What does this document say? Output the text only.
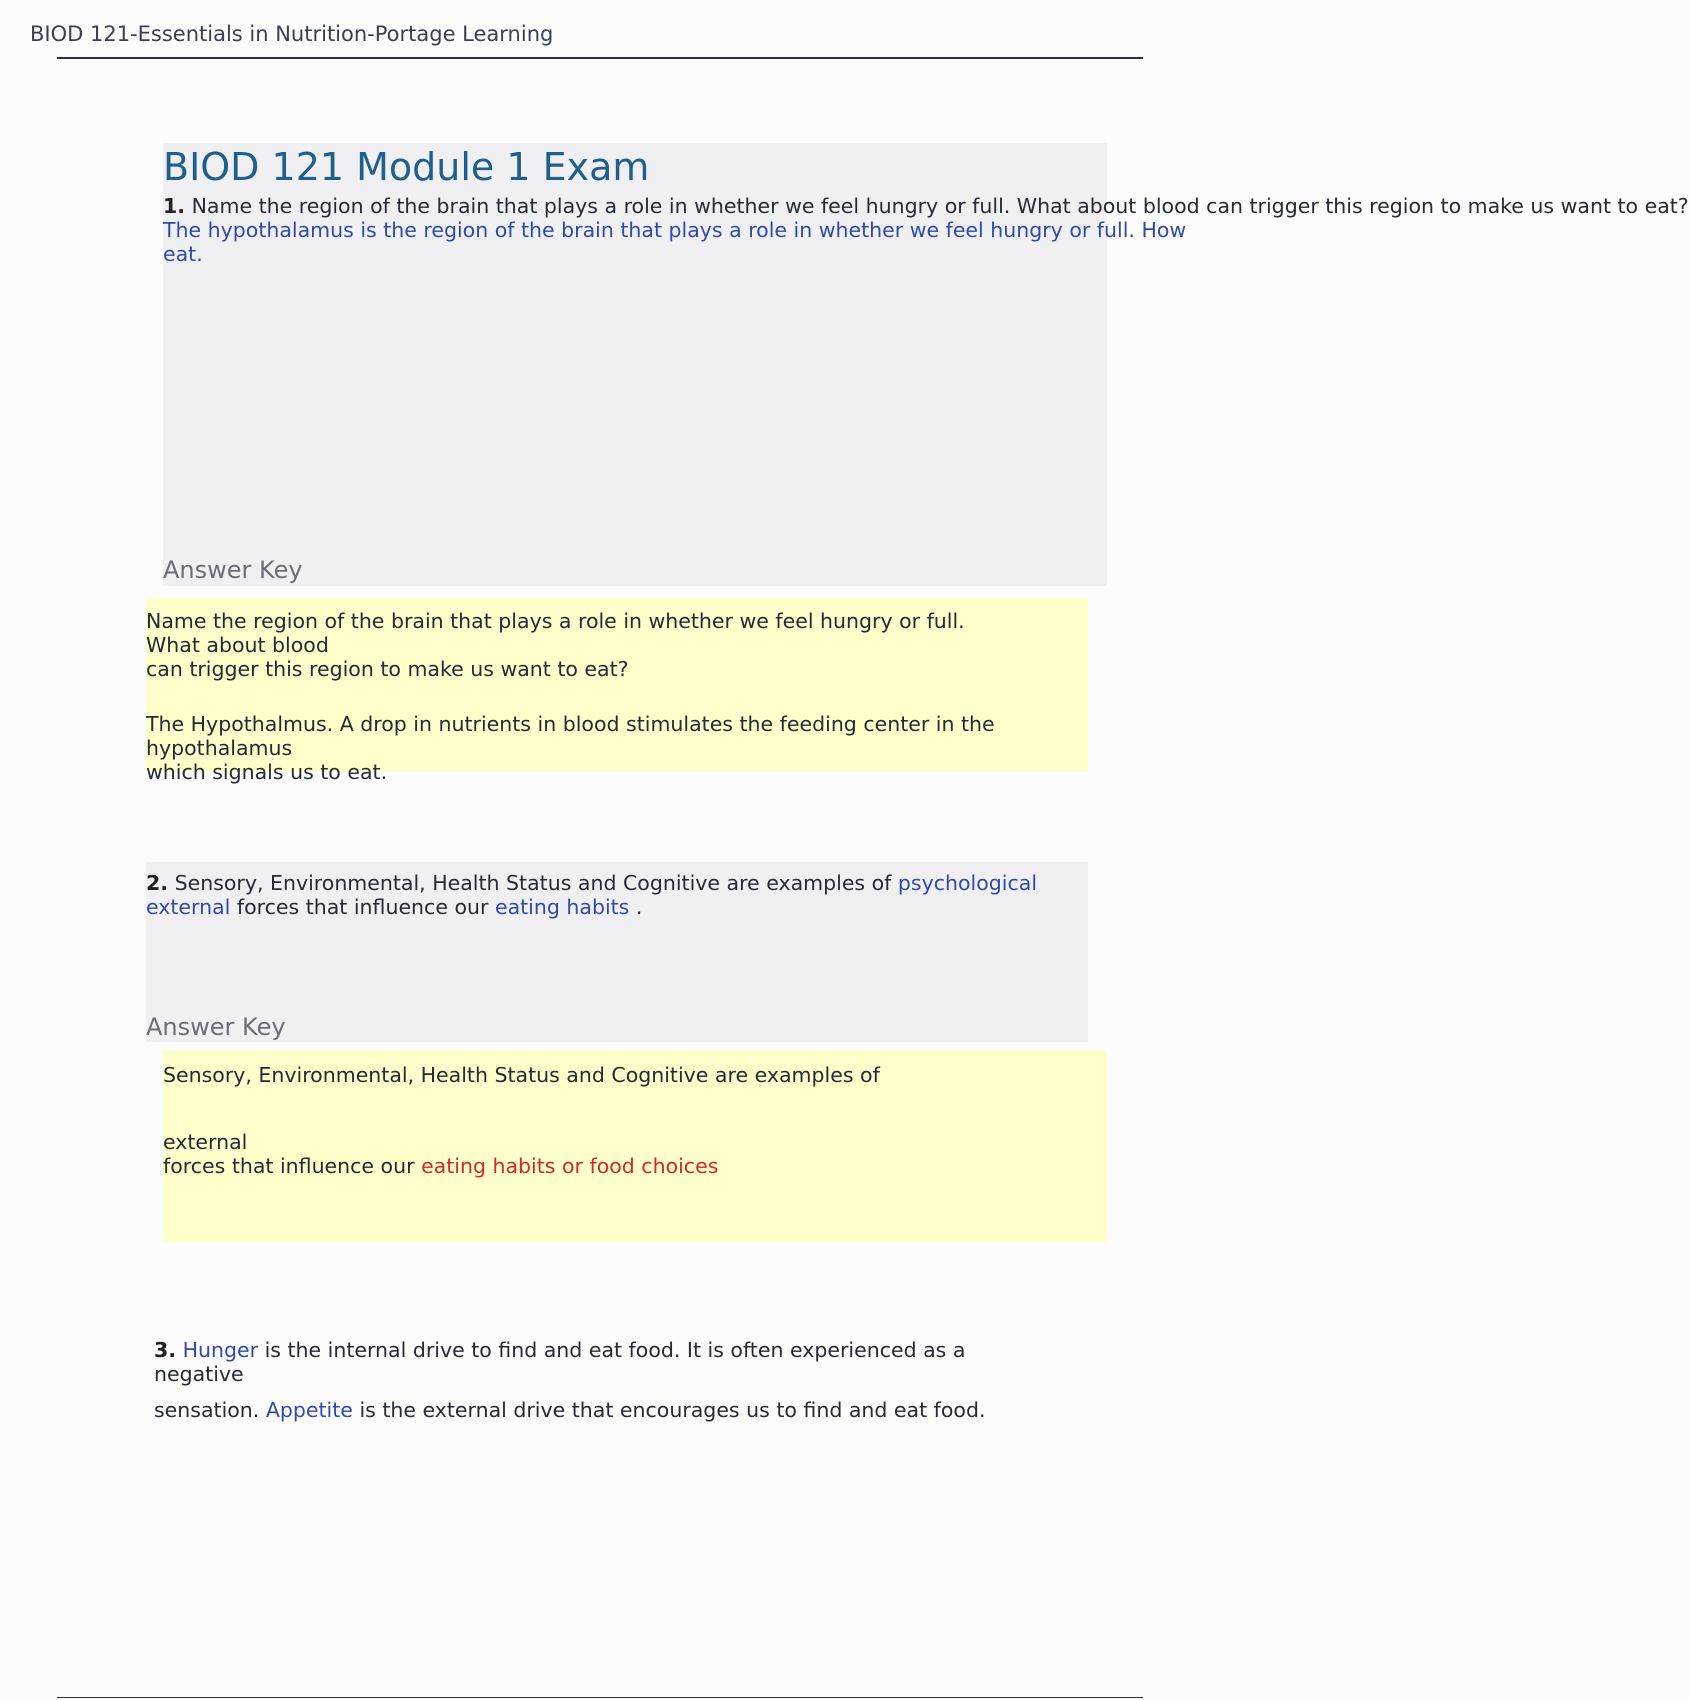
BIOD 121-Essentials in Nutrition-Portage Learning
BIOD 121 Module 1 Exam
1. Name the region of the brain that plays a role in whether we feel hungry or full. What about blood can trigger this region to make us want to eat?
The hypothalamus is the region of the brain that plays a role in whether we feel hungry or full. How
eat.
Answer Key
Name the region of the brain that plays a role in whether we feel hungry or full.
What about blood
can trigger this region to make us want to eat?
The Hypothalmus. A drop in nutrients in blood stimulates the feeding center in the
hypothalamus
which signals us to eat.
2. Sensory, Environmental, Health Status and Cognitive are examples of psychological
external forces that influence our eating habits .
Answer Key
Sensory, Environmental, Health Status and Cognitive are examples of
external
forces that influence our eating habits or food choices
3. Hunger is the internal drive to find and eat food. It is often experienced as a
negative
sensation. Appetite is the external drive that encourages us to find and eat food.
